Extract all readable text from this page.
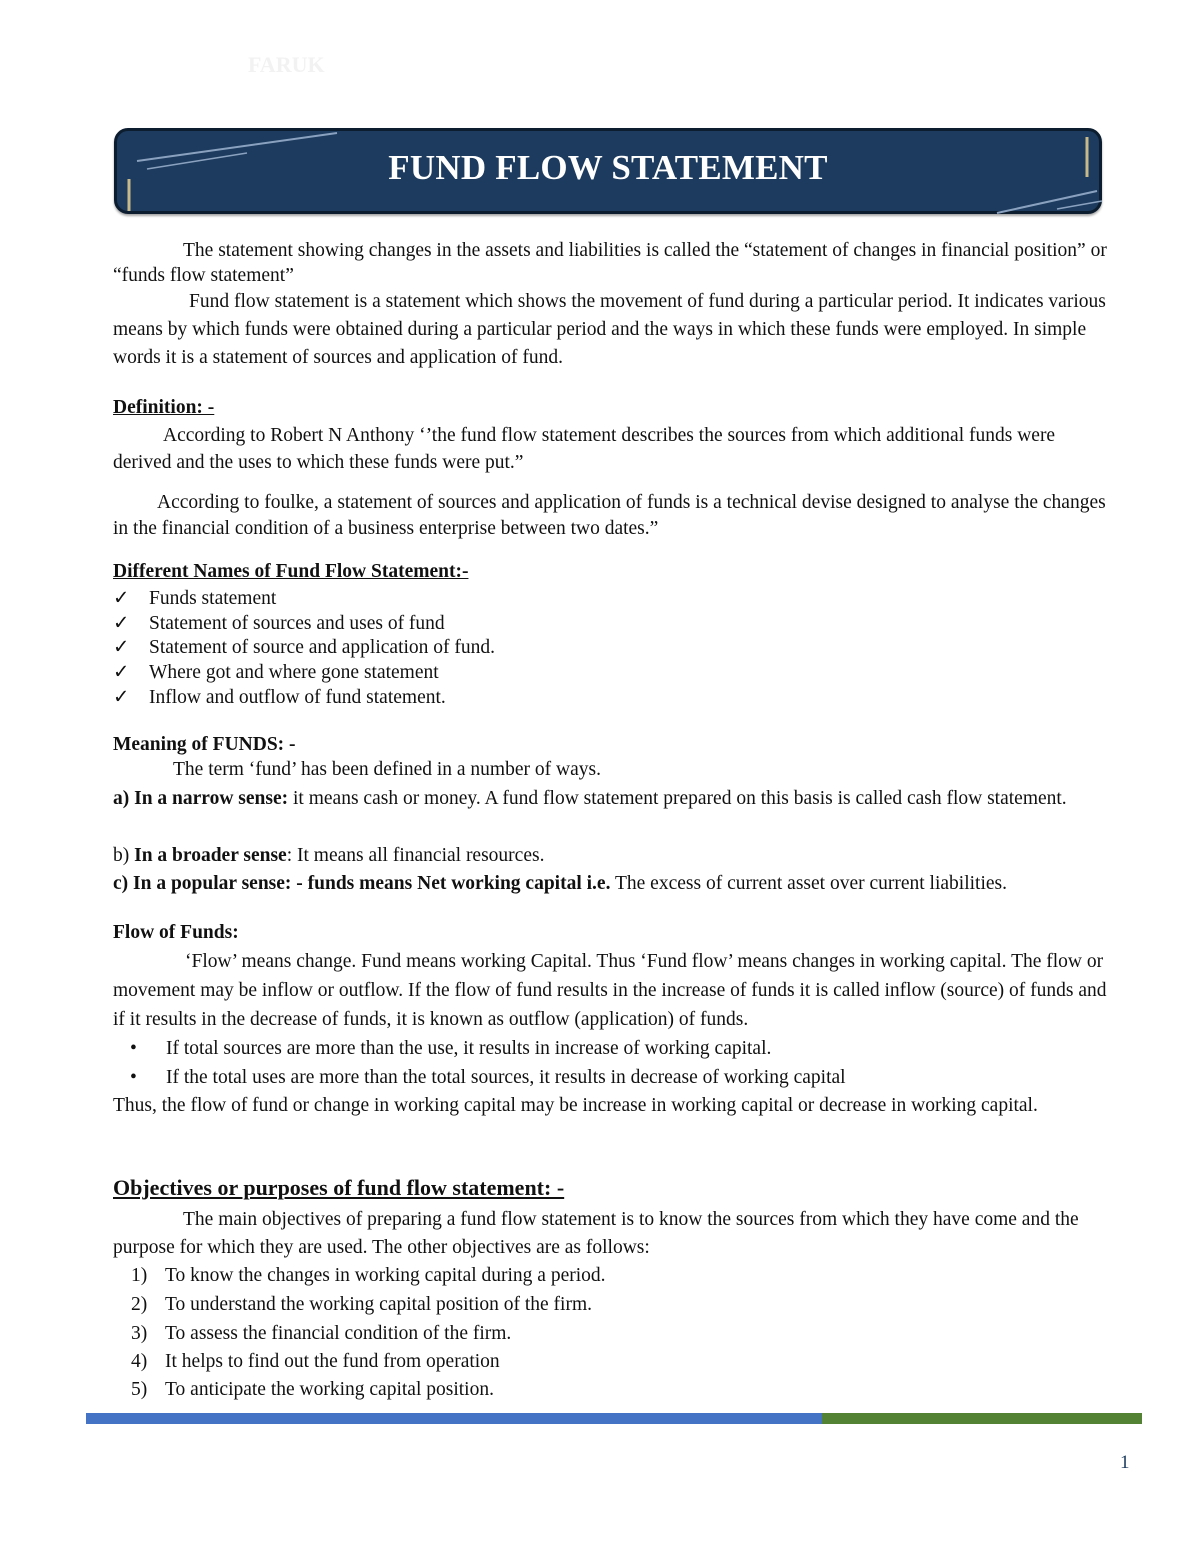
FARUK
FUND FLOW STATEMENT
The statement showing changes in the assets and liabilities is called the “statement of changes in financial position” or “funds flow statement”
Fund flow statement is a statement which shows the movement of fund during a particular period. It indicates various means by which funds were obtained during a particular period and the ways in which these funds were employed. In simple words it is a statement of sources and application of fund.
Definition: -
According to Robert N Anthony ‘’the fund flow statement describes the sources from which additional funds were derived and the uses to which these funds were put.”
According to foulke, a statement of sources and application of funds is a technical devise designed to analyse the changes in the financial condition of a business enterprise between two dates.”
Different Names of Fund Flow Statement:-
✓ Funds statement
✓ Statement of sources and uses of fund
✓ Statement of source and application of fund.
✓ Where got and where gone statement
✓ Inflow and outflow of fund statement.
Meaning of FUNDS: -
The term ‘fund’ has been defined in a number of ways.
a) In a narrow sense: it means cash or money. A fund flow statement prepared on this basis is called cash flow statement.
b) In a broader sense: It means all financial resources.
c) In a popular sense: - funds means Net working capital i.e. The excess of current asset over current liabilities.
Flow of Funds:
‘Flow’ means change. Fund means working Capital. Thus ‘Fund flow’ means changes in working capital. The flow or movement may be inflow or outflow. If the flow of fund results in the increase of funds it is called inflow (source) of funds and if it results in the decrease of funds, it is known as outflow (application) of funds.
• If total sources are more than the use, it results in increase of working capital.
• If the total uses are more than the total sources, it results in decrease of working capital
Thus, the flow of fund or change in working capital may be increase in working capital or decrease in working capital.
Objectives or purposes of fund flow statement: -
The main objectives of preparing a fund flow statement is to know the sources from which they have come and the purpose for which they are used. The other objectives are as follows:
1) To know the changes in working capital during a period.
2) To understand the working capital position of the firm.
3) To assess the financial condition of the firm.
4) It helps to find out the fund from operation
5) To anticipate the working capital position.
1
